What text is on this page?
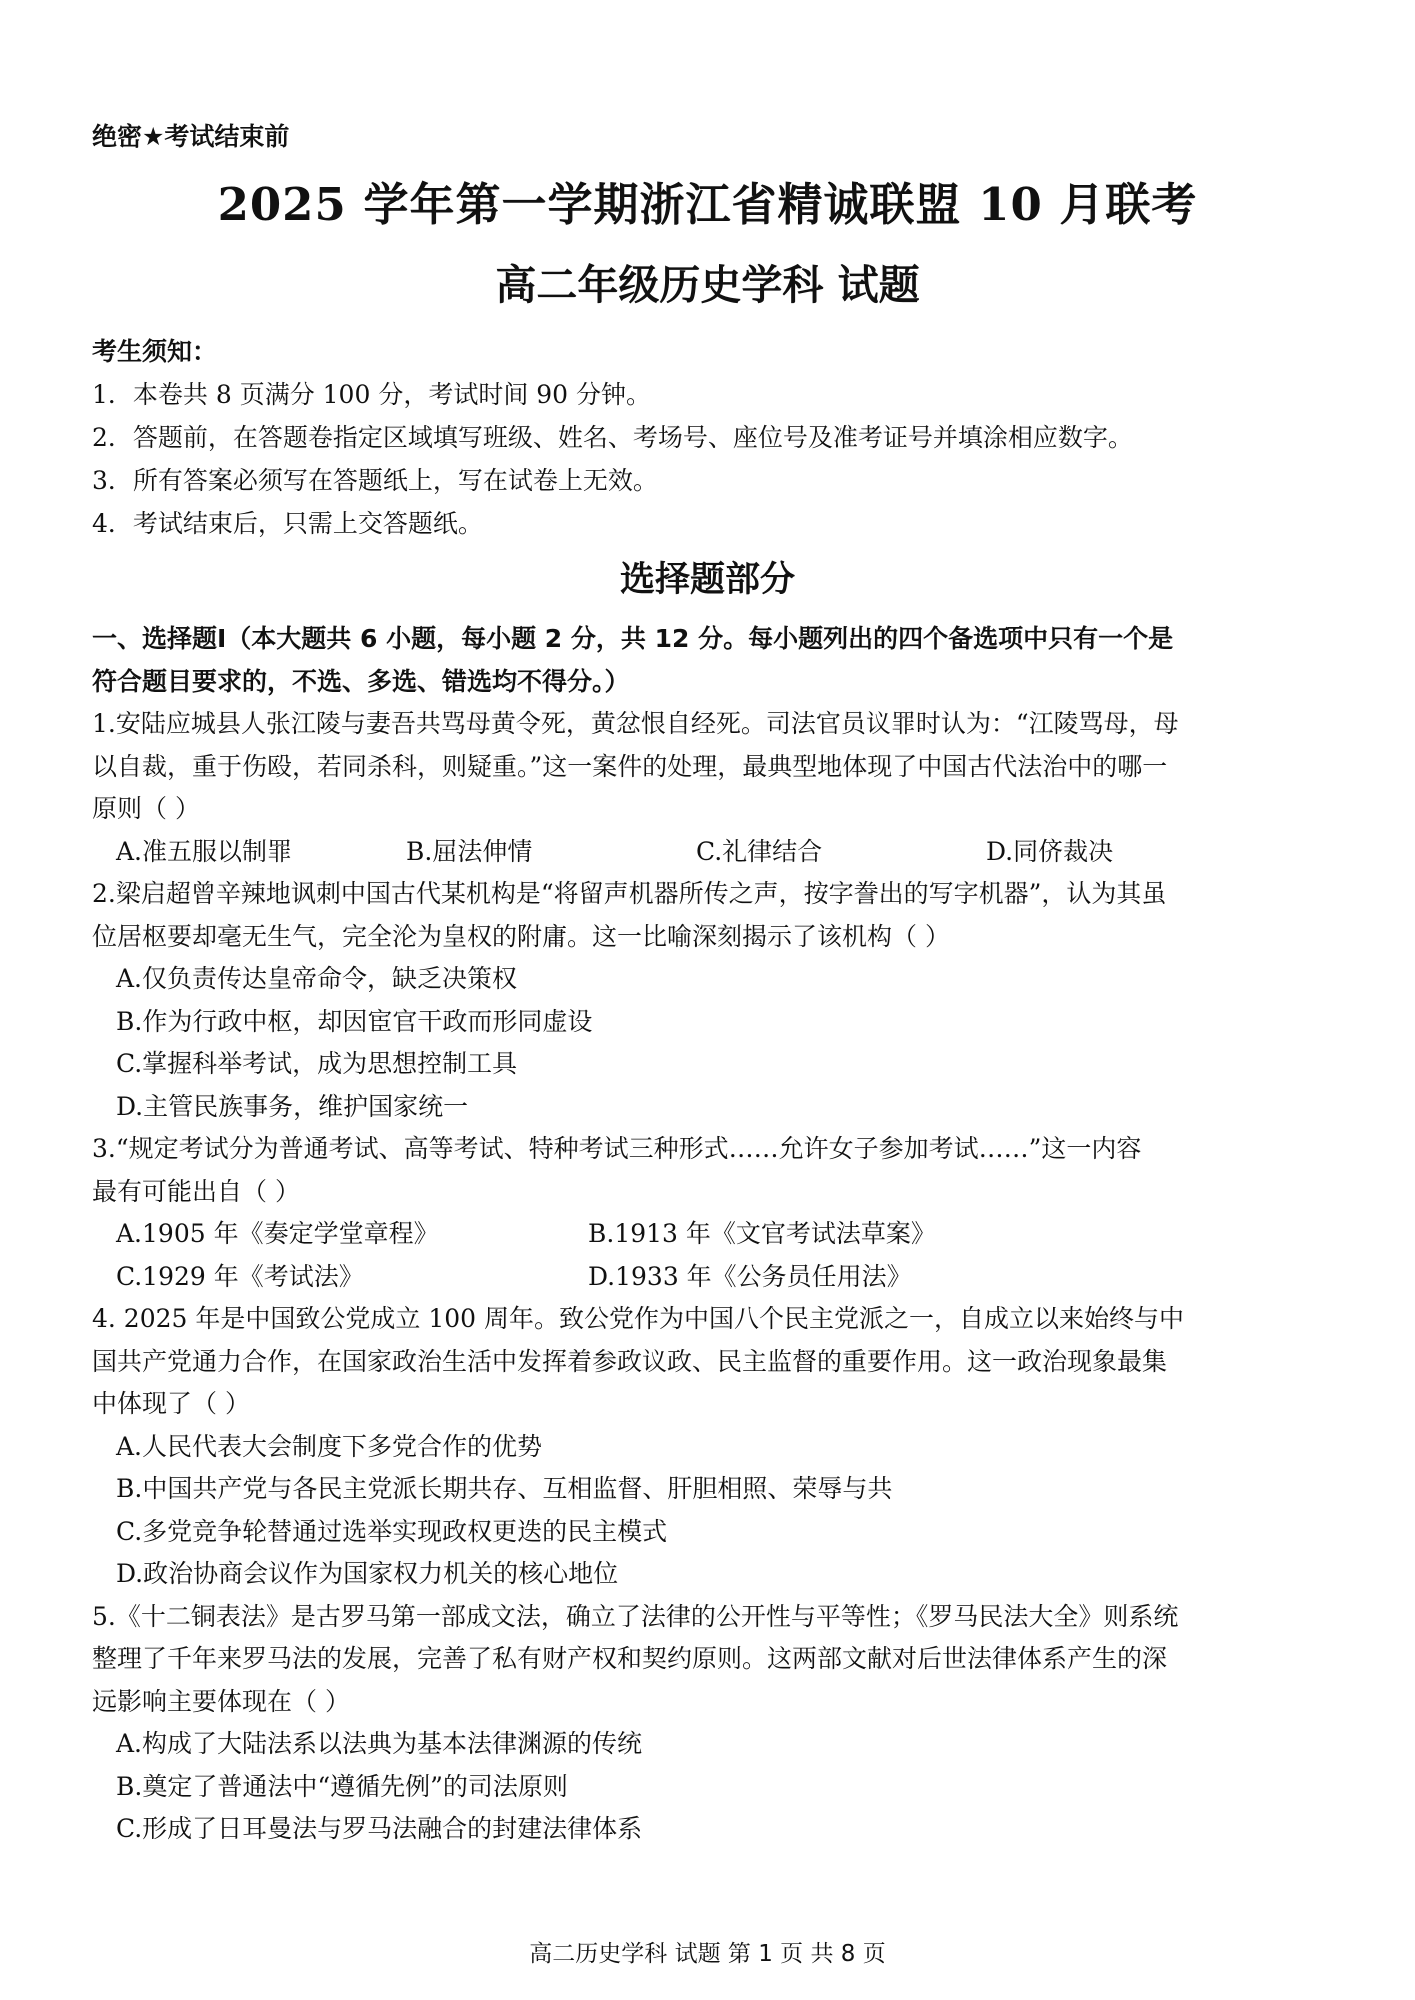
绝密★考试结束前
2025 学年第一学期浙江省精诚联盟 10 月联考
高二年级历史学科 试题
考生须知：
1．本卷共 8 页满分 100 分，考试时间 90 分钟。
2．答题前，在答题卷指定区域填写班级、姓名、考场号、座位号及准考证号并填涂相应数字。
3．所有答案必须写在答题纸上，写在试卷上无效。
4．考试结束后，只需上交答题纸。
选择题部分
一、选择题Ⅰ（本大题共 6 小题，每小题 2 分，共 12 分。每小题列出的四个备选项中只有一个是
符合题目要求的，不选、多选、错选均不得分。）
1.安陆应城县人张江陵与妻吾共骂母黄令死，黄忿恨自经死。司法官员议罪时认为：“江陵骂母，母
以自裁，重于伤殴，若同杀科，则疑重。”这一案件的处理，最典型地体现了中国古代法治中的哪一
原则（ ）
A.准五服以制罪	B.屈法伸情	C.礼律结合	D.同侪裁决
2.梁启超曾辛辣地讽刺中国古代某机构是“将留声机器所传之声，按字誊出的写字机器”，认为其虽
位居枢要却毫无生气，完全沦为皇权的附庸。这一比喻深刻揭示了该机构（ ）
A.仅负责传达皇帝命令，缺乏决策权
B.作为行政中枢，却因宦官干政而形同虚设
C.掌握科举考试，成为思想控制工具
D.主管民族事务，维护国家统一
3.“规定考试分为普通考试、高等考试、特种考试三种形式……允许女子参加考试……”这一内容
最有可能出自（ ）
A.1905 年《奏定学堂章程》	B.1913 年《文官考试法草案》
C.1929 年《考试法》	D.1933 年《公务员任用法》
4. 2025 年是中国致公党成立 100 周年。致公党作为中国八个民主党派之一，自成立以来始终与中
国共产党通力合作，在国家政治生活中发挥着参政议政、民主监督的重要作用。这一政治现象最集
中体现了（ ）
A.人民代表大会制度下多党合作的优势
B.中国共产党与各民主党派长期共存、互相监督、肝胆相照、荣辱与共
C.多党竞争轮替通过选举实现政权更迭的民主模式
D.政治协商会议作为国家权力机关的核心地位
5.《十二铜表法》是古罗马第一部成文法，确立了法律的公开性与平等性；《罗马民法大全》则系统
整理了千年来罗马法的发展，完善了私有财产权和契约原则。这两部文献对后世法律体系产生的深
远影响主要体现在（ ）
A.构成了大陆法系以法典为基本法律渊源的传统
B.奠定了普通法中“遵循先例”的司法原则
C.形成了日耳曼法与罗马法融合的封建法律体系
高二历史学科 试题 第 1 页 共 8 页
